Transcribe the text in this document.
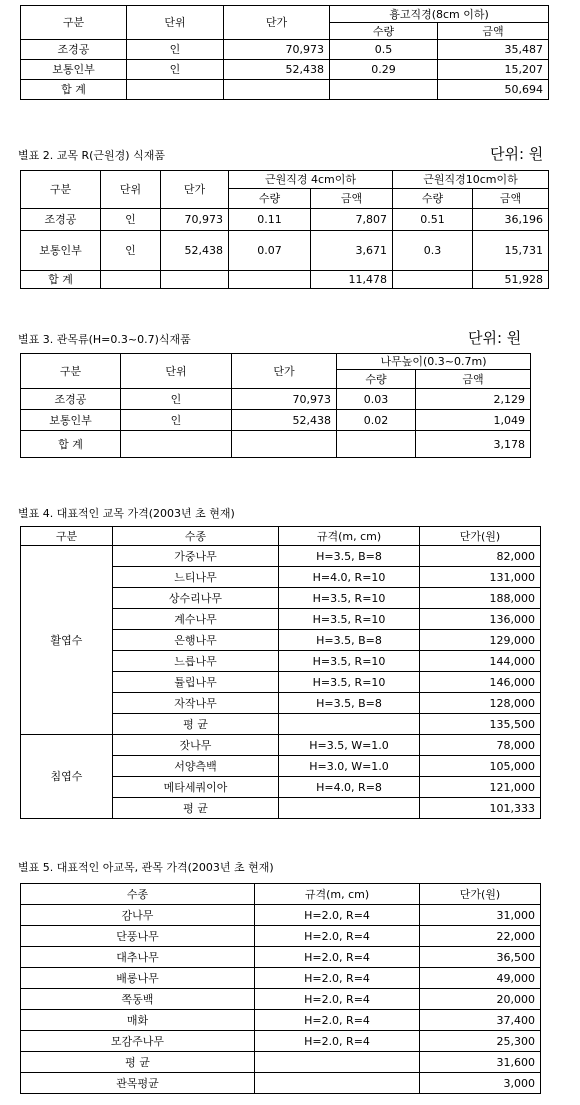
구분	단위	단가	흉고직경(8cm 이하)	
			수량	금액
조경공	인	70,973	0.5	35,487
보통인부	인	52,438	0.29	15,207
합 계				50,694
별표 2. 교목 R(근원경) 식재품	단위: 원
구분	단위	단가	근원직경 4cm이하		근원직경10cm이하	
			수량	금액	수량	금액
조경공	인	70,973	0.11	7,807	0.51	36,196

보통인부	인	52,438	0.07	3,671	0.3	15,731
합 계				11,478		51,928
별표 3. 관목류(H=0.3~0.7)식재품	단위: 원
구분	단위	단가	나무높이(0.3~0.7m)	
			수량	금액
조경공	인	70,973	0.03	2,129
보통인부	인	52,438	0.02	1,049
합 계				3,178
별표 4. 대표적인 교목 가격(2003년 초 현재)
구분	수종	규격(m, cm)	단가(원)
활엽수	가중나무	H=3.5, B=8	82,000
	느티나무	H=4.0, R=10	131,000
	상수리나무	H=3.5, R=10	188,000
	계수나무	H=3.5, R=10	136,000
	은행나무	H=3.5, B=8	129,000
	느릅나무	H=3.5, R=10	144,000
	튤립나무	H=3.5, R=10	146,000
	자작나무	H=3.5, B=8	128,000
	평 균		135,500
침엽수	잣나무	H=3.5, W=1.0	78,000
	서양측백	H=3.0, W=1.0	105,000
	메타세쿼이아	H=4.0, R=8	121,000
	평 균		101,333
별표 5. 대표적인 아교목, 관목 가격(2003년 초 현재)
수종	규격(m, cm)	단가(원)
감나무	H=2.0, R=4	31,000
단풍나무	H=2.0, R=4	22,000
대추나무	H=2.0, R=4	36,500
배롱나무	H=2.0, R=4	49,000
쪽동백	H=2.0, R=4	20,000
매화	H=2.0, R=4	37,400
모감주나무	H=2.0, R=4	25,300
평 균		31,600
관목평균		3,000
